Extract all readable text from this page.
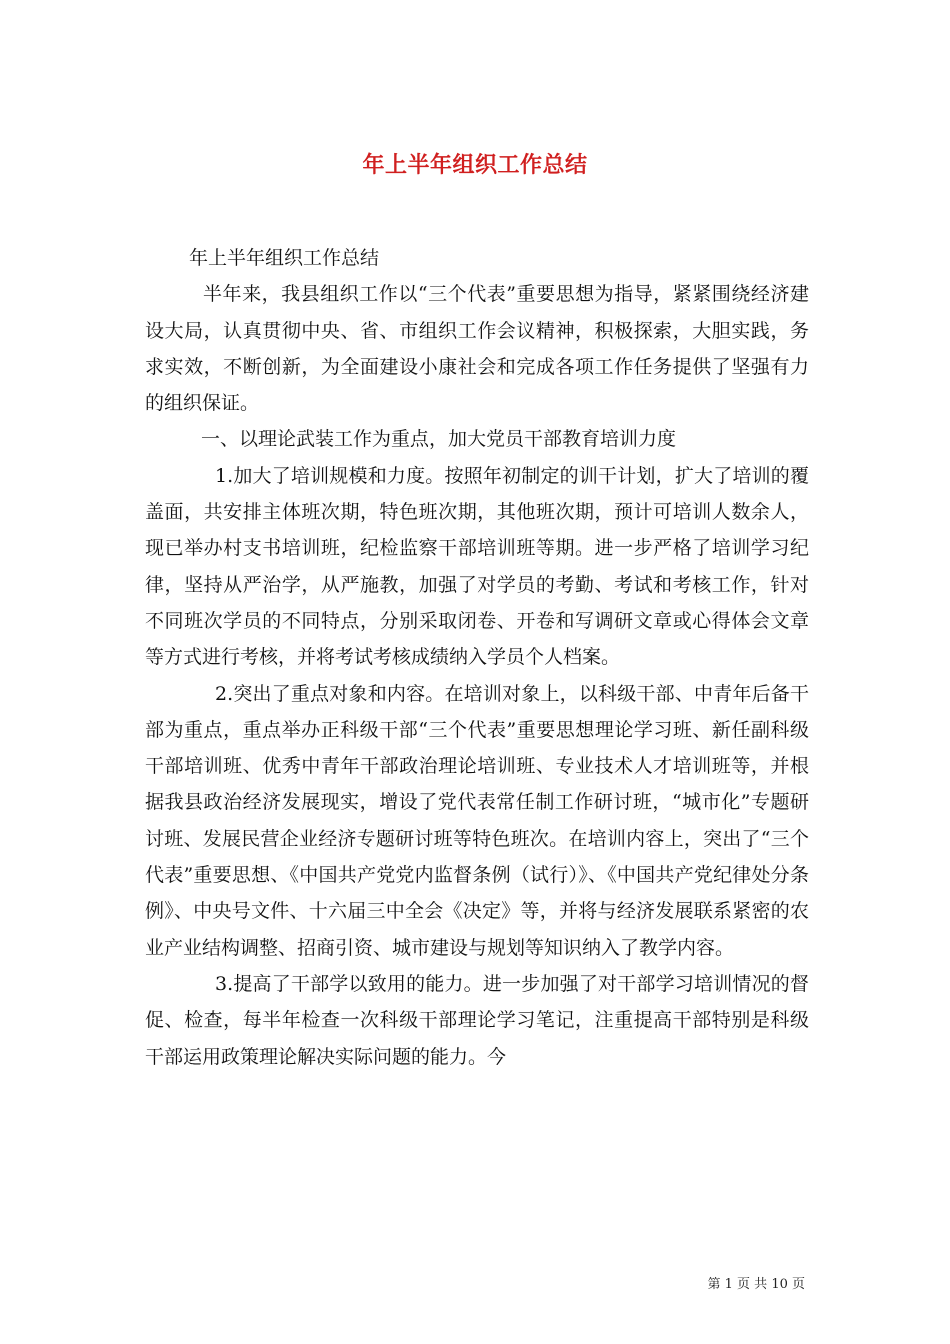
年上半年组织工作总结

年上半年组织工作总结

半年来，我县组织工作以“三个代表”重要思想为指导，紧紧围绕经济建设大局，认真贯彻中央、省、市组织工作会议精神，积极探索，大胆实践，务求实效，不断创新，为全面建设小康社会和完成各项工作任务提供了坚强有力的组织保证。

一、以理论武装工作为重点，加大党员干部教育培训力度

1.加大了培训规模和力度。按照年初制定的训干计划，扩大了培训的覆盖面，共安排主体班次期，特色班次期，其他班次期，预计可培训人数余人，现已举办村支书培训班，纪检监察干部培训班等期。进一步严格了培训学习纪律，坚持从严治学，从严施教，加强了对学员的考勤、考试和考核工作，针对不同班次学员的不同特点，分别采取闭卷、开卷和写调研文章或心得体会文章等方式进行考核，并将考试考核成绩纳入学员个人档案。

2.突出了重点对象和内容。在培训对象上，以科级干部、中青年后备干部为重点，重点举办正科级干部“三个代表”重要思想理论学习班、新任副科级干部培训班、优秀中青年干部政治理论培训班、专业技术人才培训班等，并根据我县政治经济发展现实，增设了党代表常任制工作研讨班，“城市化”专题研讨班、发展民营企业经济专题研讨班等特色班次。在培训内容上，突出了“三个代表”重要思想、《中国共产党党内监督条例（试行）》、《中国共产党纪律处分条例》、中央号文件、十六届三中全会《决定》等，并将与经济发展联系紧密的农业产业结构调整、招商引资、城市建设与规划等知识纳入了教学内容。

3.提高了干部学以致用的能力。进一步加强了对干部学习培训情况的督促、检查，每半年检查一次科级干部理论学习笔记，注重提高干部特别是科级干部运用政策理论解决实际问题的能力。今

第 1 页 共 10 页
